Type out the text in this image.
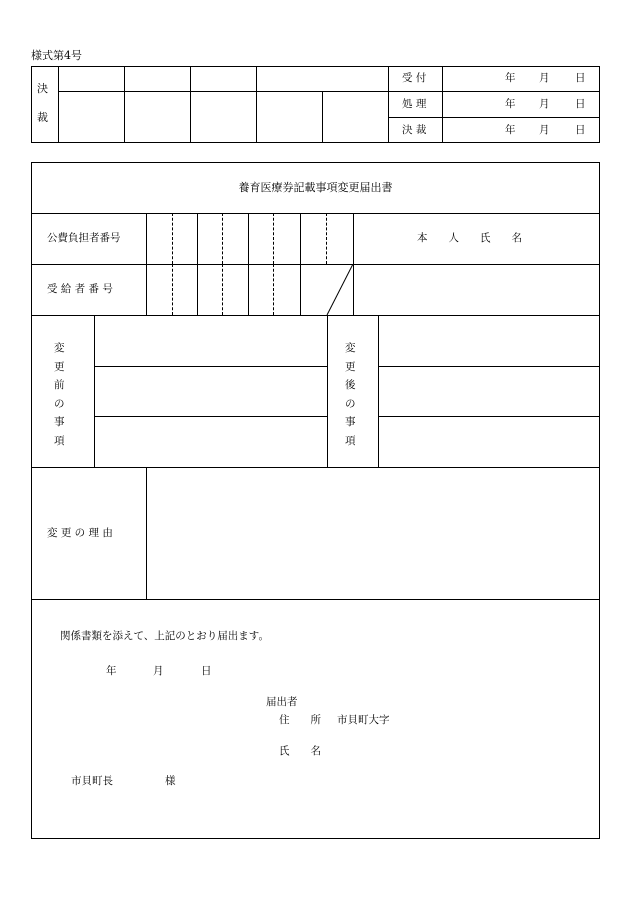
様式第4号
決
裁
受 付	年 月 日
処 理	年 月 日
決 裁	年 月 日
養育医療券記載事項変更届出書
公費負担者番号	本　　人　　氏　　名
受 給 者 番 号
変
更
前
の
事
項
変
更
後
の
事
項
変 更 の 理 由
関係書類を添えて、上記のとおり届出ます。
年	月	日
届出者
住　　所 市貝町大字
氏　　名
市貝町長	様
